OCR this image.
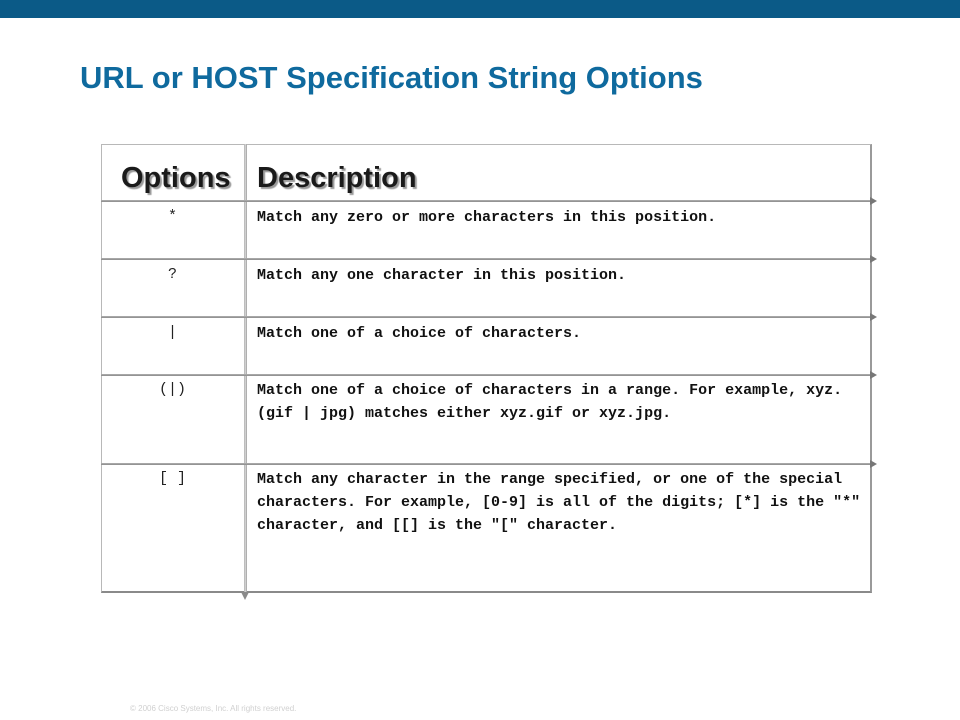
URL or HOST Specification String Options
Options Description
*	Match any zero or more characters in this position.

?	Match any one character in this position.

|	Match one of a choice of characters.

(|)	Match one of a choice of characters in a range. For example, xyz.(gif | jpg) matches either xyz.gif or xyz.jpg.

[ ]	Match any character in the range specified, or one of the special characters. For example, [0-9] is all of the digits; [*] is the "*" character, and [[] is the "[" character.

© 2006 Cisco Systems, Inc. All rights reserved.
